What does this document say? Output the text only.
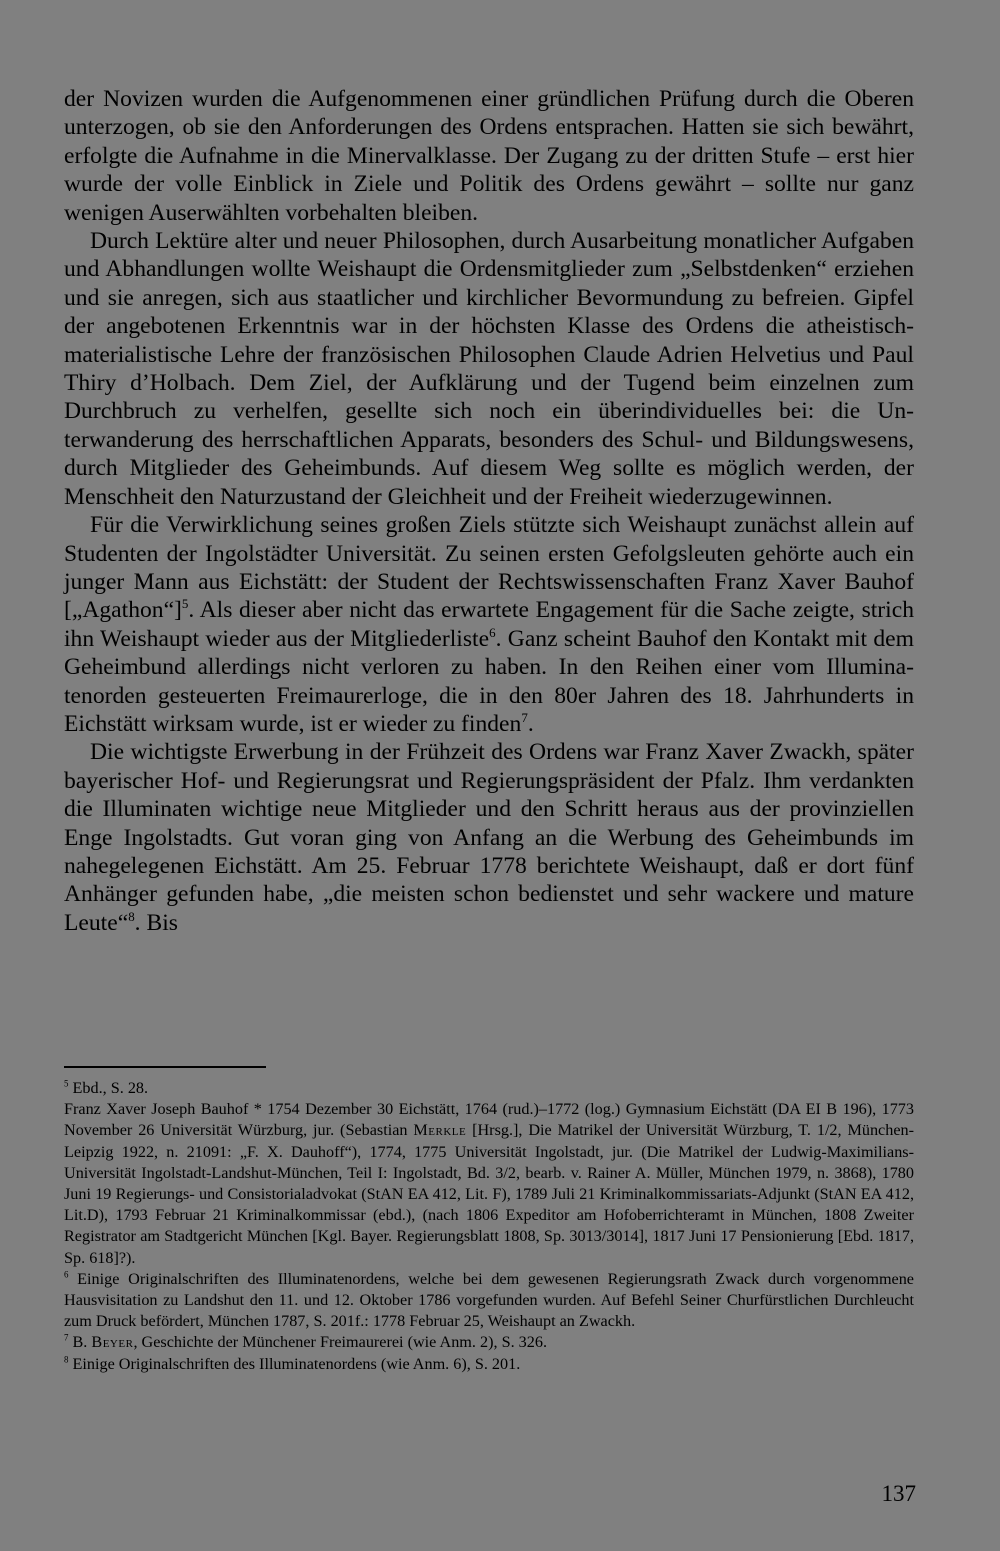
der Novizen wurden die Aufgenommenen einer gründlichen Prüfung durch die Oberen unterzogen, ob sie den Anforderungen des Ordens entsprachen. Hatten sie sich bewährt, erfolgte die Aufnahme in die Minervalklasse. Der Zugang zu der dritten Stufe – erst hier wurde der volle Einblick in Ziele und Politik des Ordens gewährt – sollte nur ganz wenigen Auserwählten vorbehalten bleiben.

Durch Lektüre alter und neuer Philosophen, durch Ausarbeitung monatlicher Aufgaben und Abhandlungen wollte Weishaupt die Ordensmitglieder zum „Selbstdenken“ erziehen und sie anregen, sich aus staatlicher und kirchlicher Bevormundung zu befreien. Gipfel der angebotenen Erkenntnis war in der höchsten Klasse des Ordens die atheistisch-materialistische Lehre der französischen Philosophen Claude Adrien Helvetius und Paul Thiry d’Holbach. Dem Ziel, der Aufklärung und der Tugend beim einzelnen zum Durchbruch zu verhelfen, gesellte sich noch ein überindividuelles bei: die Unterwanderung des herrschaftlichen Apparats, besonders des Schul- und Bildungswesens, durch Mitglieder des Geheimbunds. Auf diesem Weg sollte es möglich werden, der Menschheit den Naturzustand der Gleichheit und der Freiheit wiederzugewinnen.

Für die Verwirklichung seines großen Ziels stützte sich Weishaupt zunächst allein auf Studenten der Ingolstädter Universität. Zu seinen ersten Gefolgsleuten gehörte auch ein junger Mann aus Eichstätt: der Student der Rechtswissenschaften Franz Xaver Bauhof [„Agathon“]$^5$. Als dieser aber nicht das erwartete Engagement für die Sache zeigte, strich ihn Weishaupt wieder aus der Mitgliederliste$^6$. Ganz scheint Bauhof den Kontakt mit dem Geheimbund allerdings nicht verloren zu haben. In den Reihen einer vom Illuminatenorden gesteuerten Freimaurerloge, die in den 80er Jahren des 18. Jahrhunderts in Eichstätt wirksam wurde, ist er wieder zu finden$^7$.

Die wichtigste Erwerbung in der Frühzeit des Ordens war Franz Xaver Zwackh, später bayerischer Hof- und Regierungsrat und Regierungspräsident der Pfalz. Ihm verdankten die Illuminaten wichtige neue Mitglieder und den Schritt heraus aus der provinziellen Enge Ingolstadts. Gut voran ging von Anfang an die Werbung des Geheimbunds im nahegelegenen Eichstätt. Am 25. Februar 1778 berichtete Weishaupt, daß er dort fünf Anhänger gefunden habe, „die meisten schon bedienstet und sehr wackere und mature Leute“$^8$. Bis

$^5$ Ebd., S. 28.

Franz Xaver Joseph Bauhof * 1754 Dezember 30 Eichstätt, 1764 (rud.)–1772 (log.) Gymnasium Eichstätt (DA EI B 196), 1773 November 26 Universität Würzburg, jur. (Sebastian Merkle [Hrsg.], Die Matrikel der Universität Würzburg, T. 1/2, München-Leipzig 1922, n. 21091: „F. X. Dauhoff“), 1774, 1775 Universität Ingolstadt, jur. (Die Matrikel der Ludwig-Maximilians-Universität Ingolstadt-Landshut-München, Teil I: Ingolstadt, Bd. 3/2, bearb. v. Rainer A. Müller, München 1979, n. 3868), 1780 Juni 19 Regierungs- und Consistorialadvokat (StAN EA 412, Lit. F), 1789 Juli 21 Kriminalkommissariats-Adjunkt (StAN EA 412, Lit.D), 1793 Februar 21 Kriminalkommissar (ebd.), (nach 1806 Expeditor am Hofoberrichteramt in München, 1808 Zweiter Registrator am Stadtgericht München [Kgl. Bayer. Regierungsblatt 1808, Sp. 3013/3014], 1817 Juni 17 Pensionierung [Ebd. 1817, Sp. 618]?).

$^6$ Einige Originalschriften des Illuminatenordens, welche bei dem gewesenen Regierungsrath Zwack durch vorgenommene Hausvisitation zu Landshut den 11. und 12. Oktober 1786 vorgefunden wurden. Auf Befehl Seiner Churfürstlichen Durchleucht zum Druck befördert, München 1787, S. 201f.: 1778 Februar 25, Weishaupt an Zwackh.

$^7$ B. Beyer, Geschichte der Münchener Freimaurerei (wie Anm. 2), S. 326.

$^8$ Einige Originalschriften des Illuminatenordens (wie Anm. 6), S. 201.

137
